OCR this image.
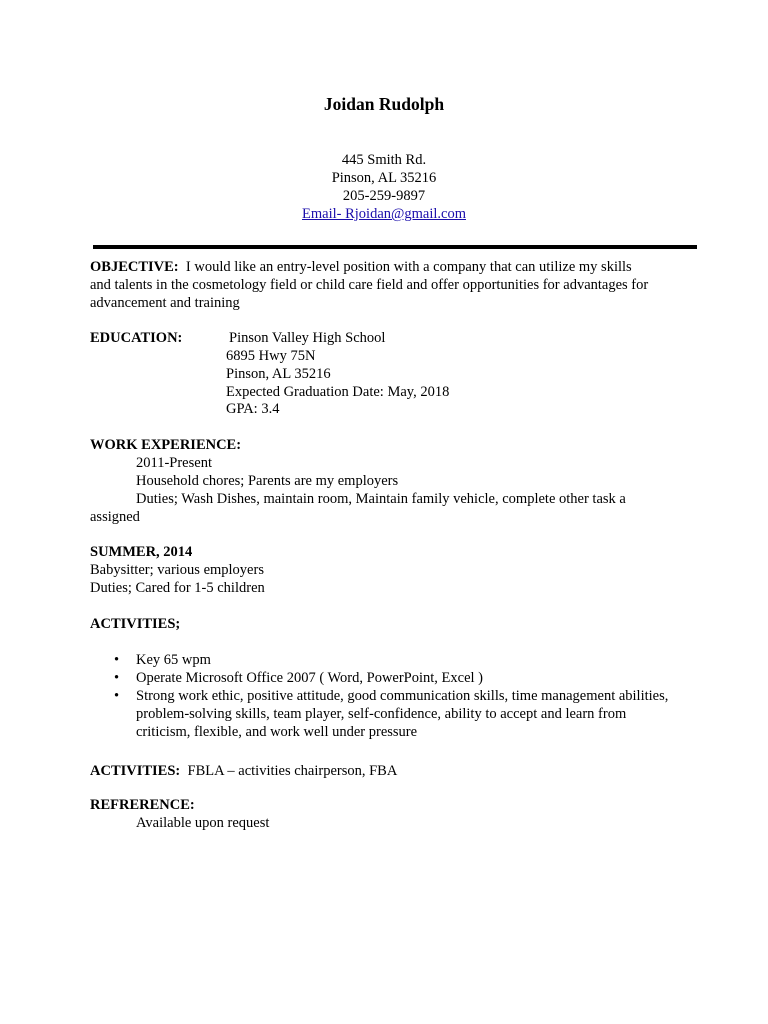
Joidan Rudolph
445 Smith Rd.
Pinson, AL 35216
205-259-9897
Email- Rjoidan@gmail.com
OBJECTIVE: I would like an entry-level position with a company that can utilize my skills
and talents in the cosmetology field or child care field and offer opportunities for advantages for
advancement and training
EDUCATION:	Pinson Valley High School
6895 Hwy 75N
Pinson, AL 35216
Expected Graduation Date: May, 2018
GPA: 3.4
WORK EXPERIENCE:
2011-Present
Household chores; Parents are my employers
Duties; Wash Dishes, maintain room, Maintain family vehicle, complete other task a
assigned
SUMMER, 2014
Babysitter; various employers
Duties; Cared for 1-5 children
ACTIVITIES;
• Key 65 wpm
• Operate Microsoft Office 2007 ( Word, PowerPoint, Excel )
• Strong work ethic, positive attitude, good communication skills, time management abilities, problem-solving skills, team player, self-confidence, ability to accept and learn from criticism, flexible, and work well under pressure
ACTIVITIES: FBLA – activities chairperson, FBA
REFRERENCE:
Available upon request
